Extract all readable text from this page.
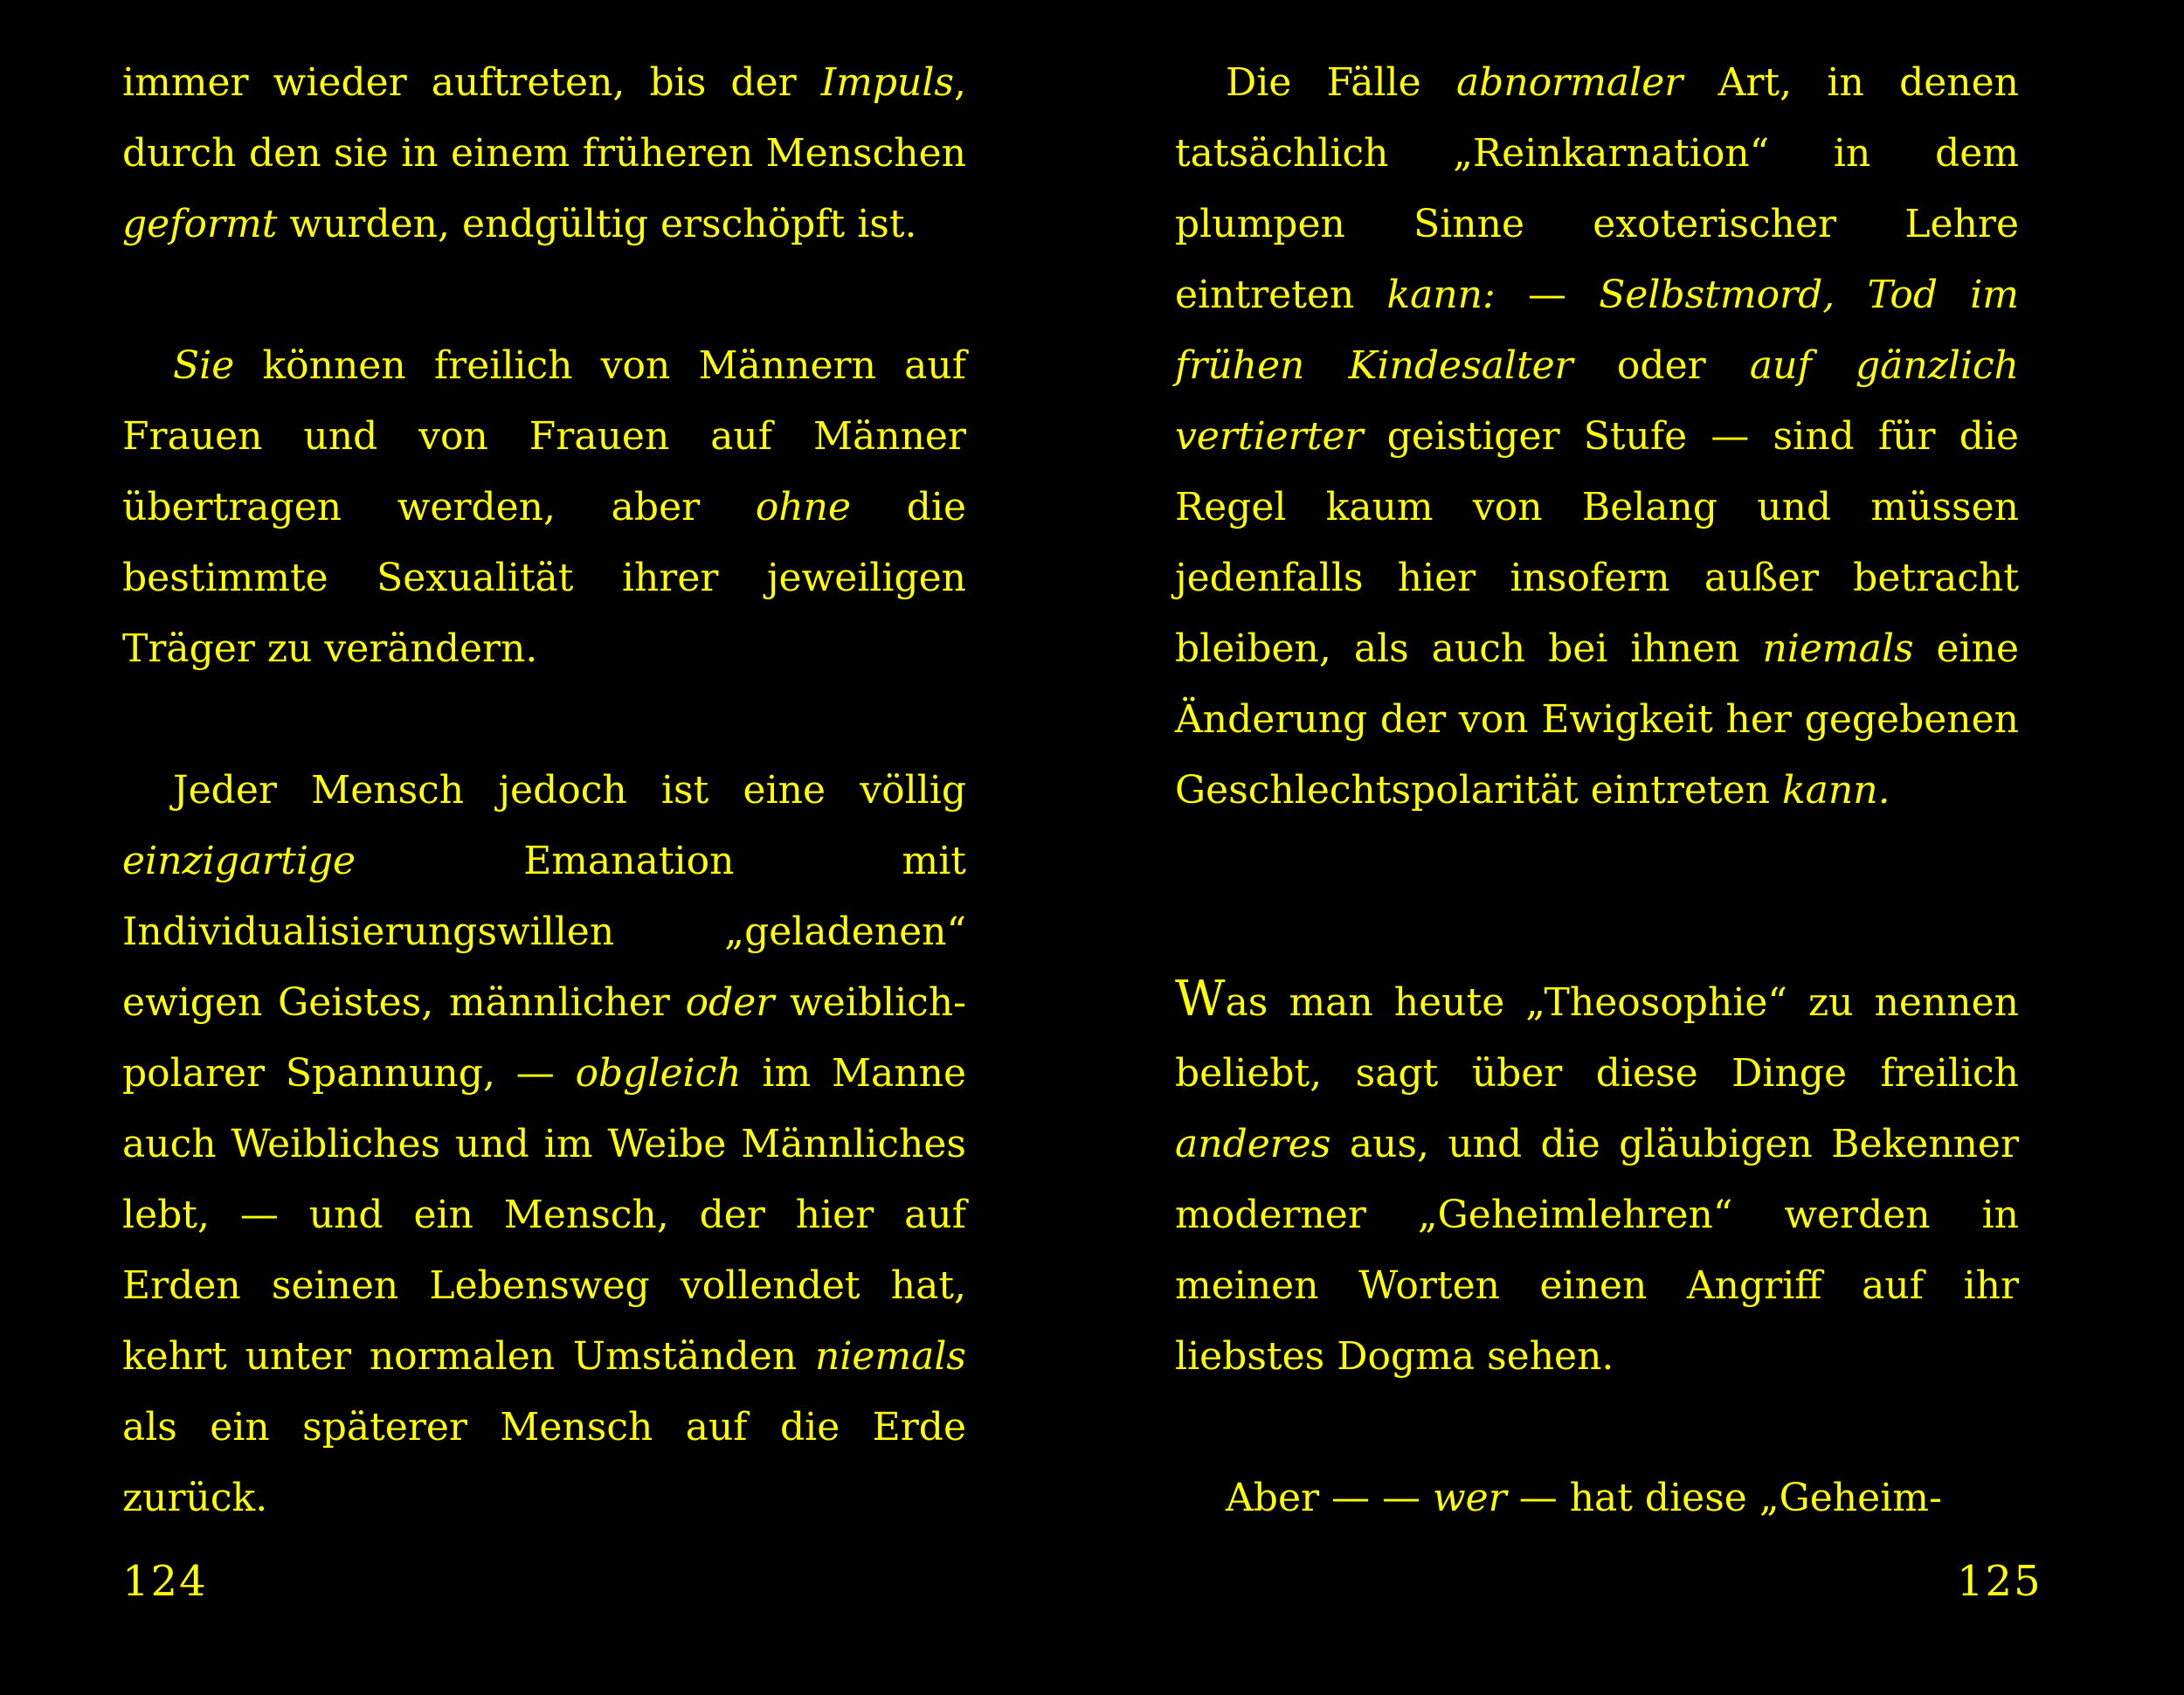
immer wieder auftreten, bis der Impuls, durch den sie in einem früheren Menschen geformt wurden, endgültig erschöpft ist.

Sie können freilich von Männern auf Frauen und von Frauen auf Männer übertragen werden, aber ohne die bestimmte Sexualität ihrer jeweiligen Träger zu verändern.

Jeder Mensch jedoch ist eine völlig einzigartige Emanation mit Individualisierungswillen „geladenen“ ewigen Geistes, männlicher oder weiblich-polarer Spannung, — obgleich im Manne auch Weibliches und im Weibe Männliches lebt, — und ein Mensch, der hier auf Erden seinen Lebensweg vollendet hat, kehrt unter normalen Umständen niemals als ein späterer Mensch auf die Erde zurück.

124

Die Fälle abnormaler Art, in denen tatsächlich „Reinkarnation“ in dem plumpen Sinne exoterischer Lehre eintreten kann: — Selbstmord, Tod im frühen Kindesalter oder auf gänzlich vertierter geistiger Stufe — sind für die Regel kaum von Belang und müssen jedenfalls hier insofern außer betracht bleiben, als auch bei ihnen niemals eine Änderung der von Ewigkeit her gegebenen Geschlechtspolarität eintreten kann.

Was man heute „Theosophie“ zu nennen beliebt, sagt über diese Dinge freilich anderes aus, und die gläubigen Bekenner moderner „Geheimlehren“ werden in meinen Worten einen Angriff auf ihr liebstes Dogma sehen.

Aber — — wer — hat diese „Geheim-

125
